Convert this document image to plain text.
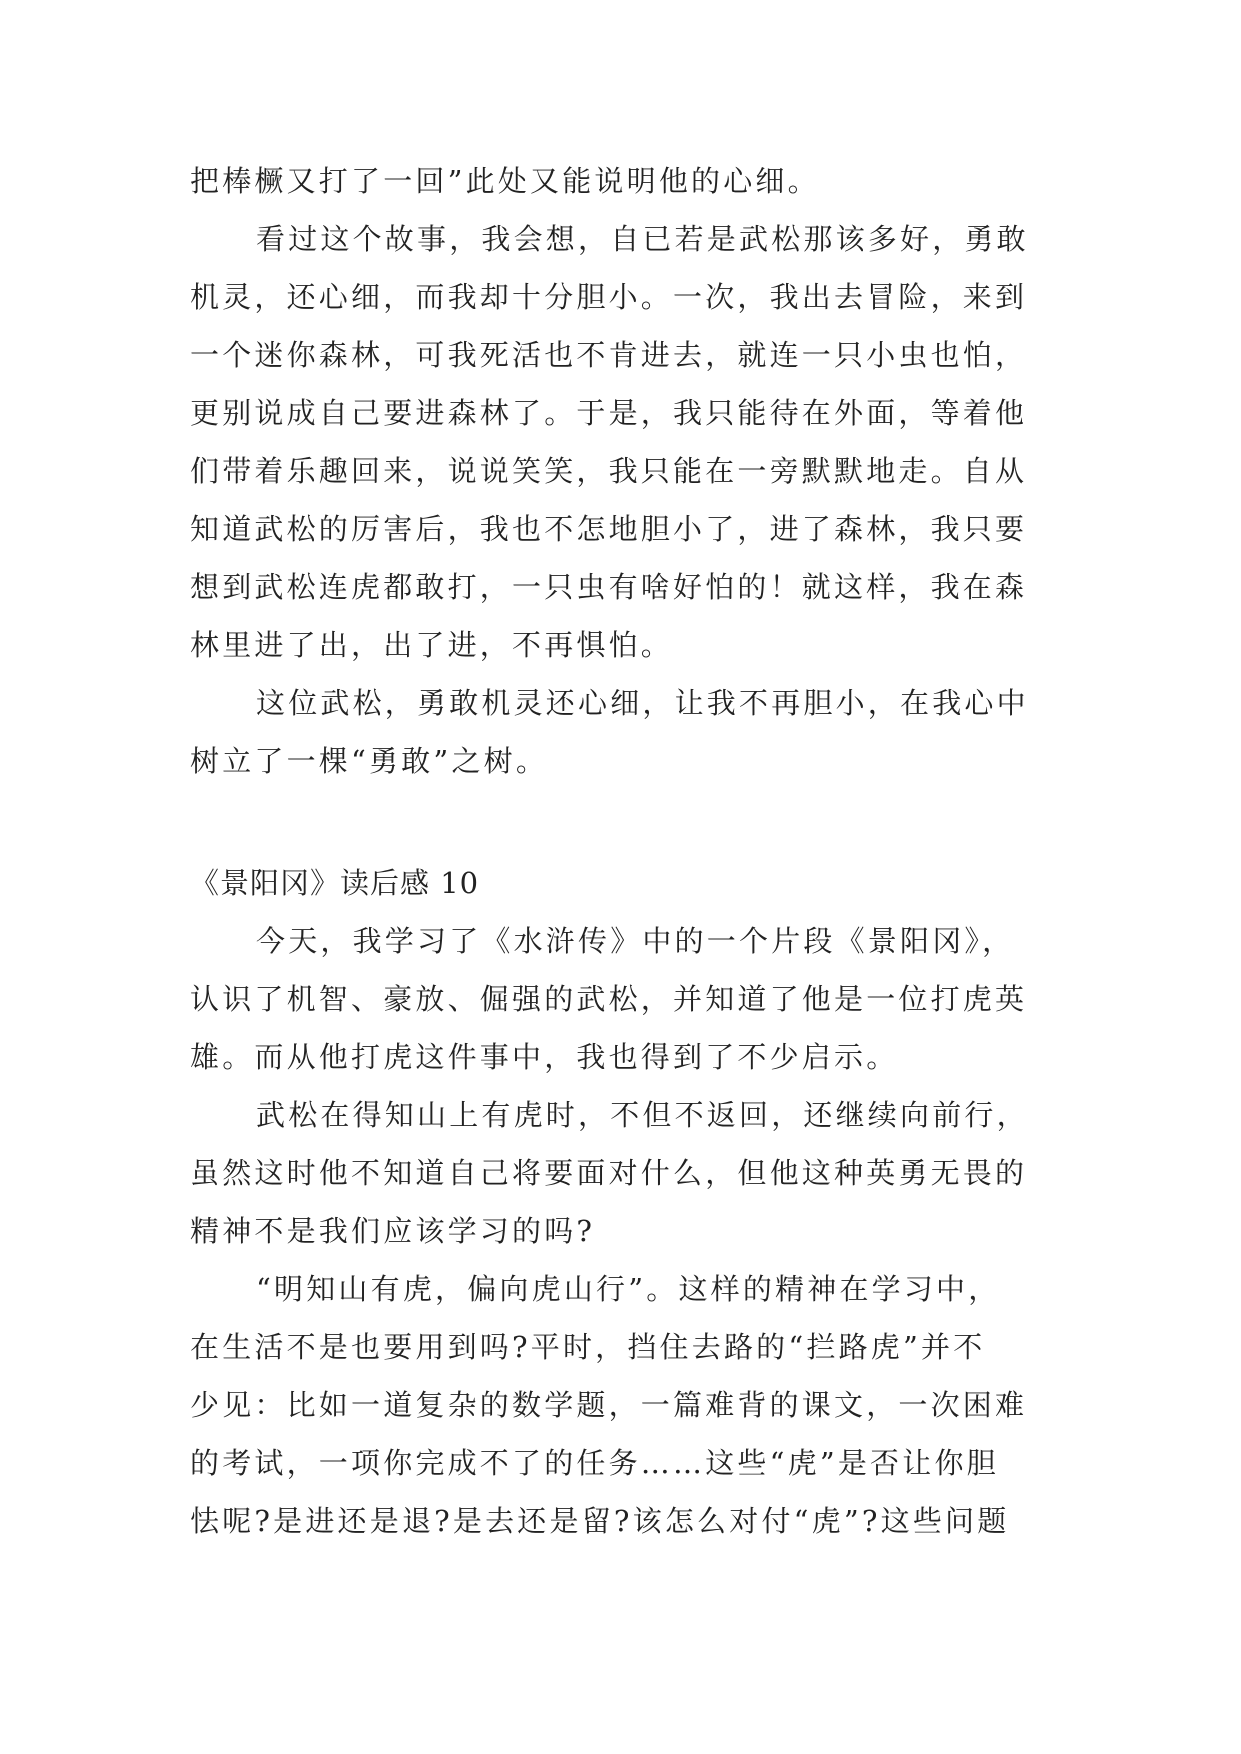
把棒橛又打了一回”此处又能说明他的心细。
看过这个故事，我会想，自已若是武松那该多好，勇敢
机灵，还心细，而我却十分胆小。一次，我出去冒险，来到
一个迷你森林，可我死活也不肯进去，就连一只小虫也怕，
更别说成自己要进森林了。于是，我只能待在外面，等着他
们带着乐趣回来，说说笑笑，我只能在一旁默默地走。自从
知道武松的厉害后，我也不怎地胆小了，进了森林，我只要
想到武松连虎都敢打，一只虫有啥好怕的！就这样，我在森
林里进了出，出了进，不再惧怕。
这位武松，勇敢机灵还心细，让我不再胆小，在我心中
树立了一棵“勇敢”之树。
《景阳冈》读后感 10
今天，我学习了《水浒传》中的一个片段《景阳冈》，
认识了机智、豪放、倔强的武松，并知道了他是一位打虎英
雄。而从他打虎这件事中，我也得到了不少启示。
武松在得知山上有虎时，不但不返回，还继续向前行，
虽然这时他不知道自己将要面对什么，但他这种英勇无畏的
精神不是我们应该学习的吗?
“明知山有虎，偏向虎山行”。这样的精神在学习中，
在生活不是也要用到吗?平时，挡住去路的“拦路虎”并不
少见：比如一道复杂的数学题，一篇难背的课文，一次困难
的考试，一项你完成不了的任务……这些“虎”是否让你胆
怯呢?是进还是退?是去还是留?该怎么对付“虎”?这些问题
